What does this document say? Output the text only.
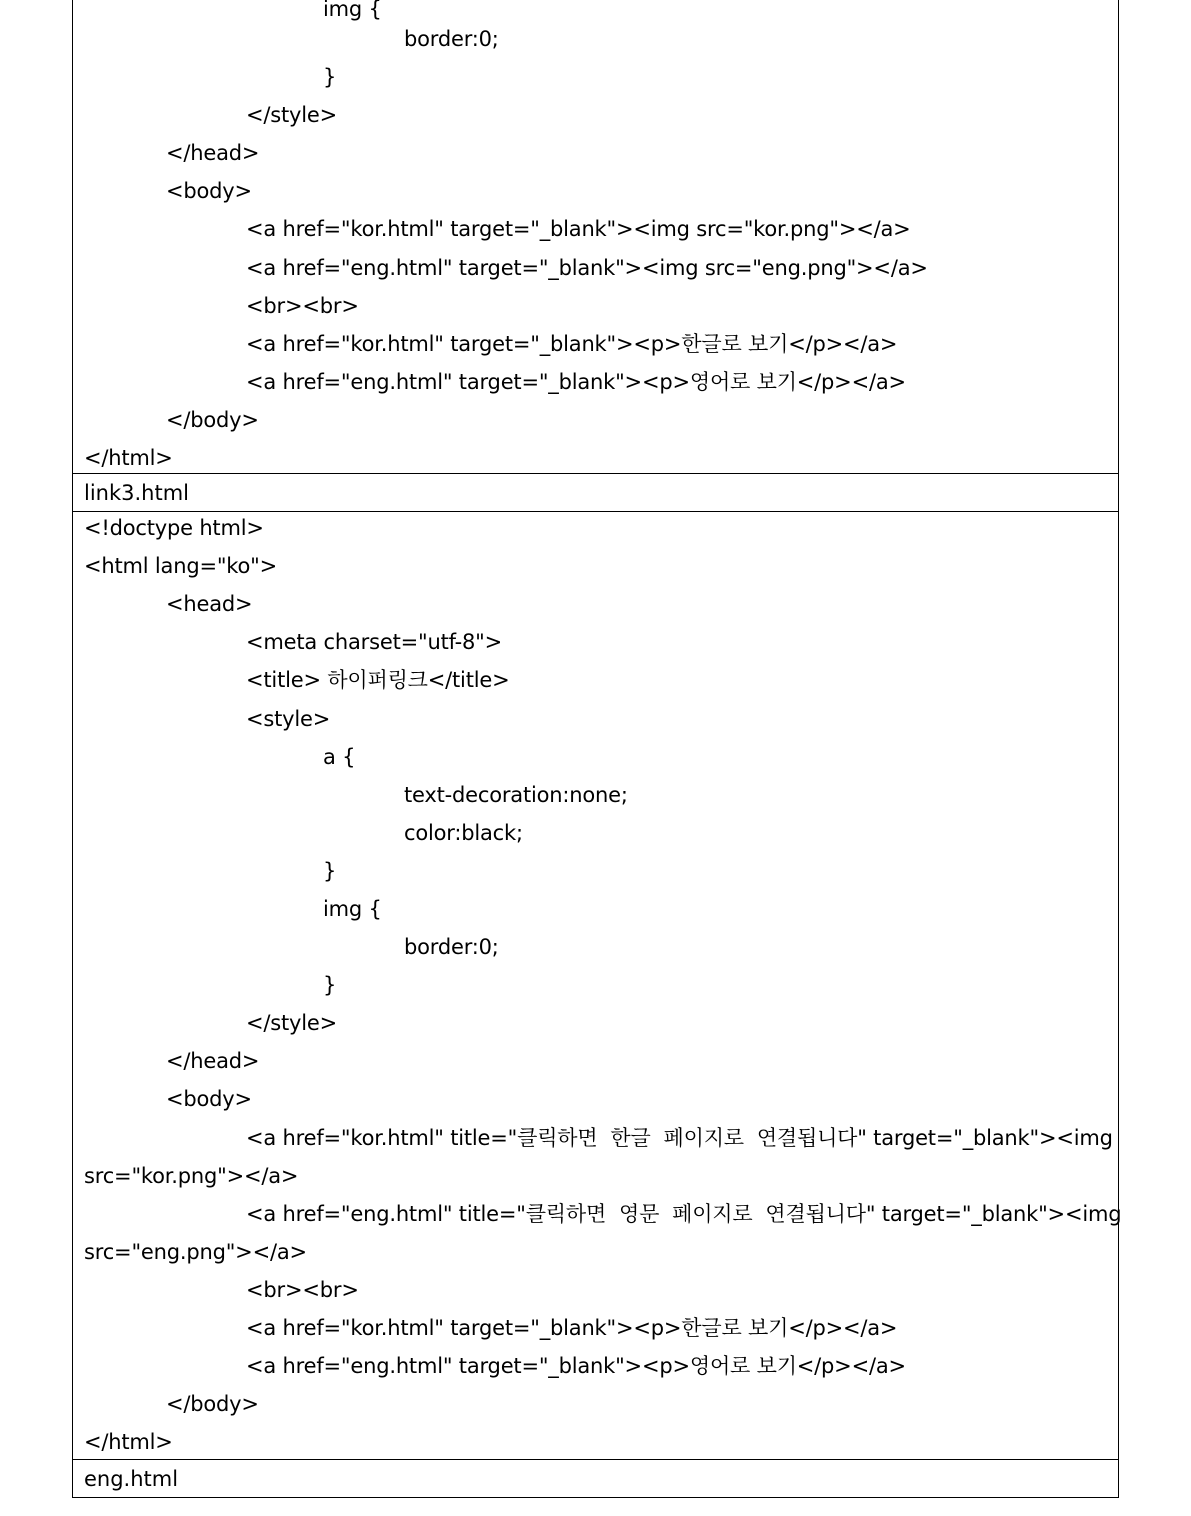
img {
border:0;
}
</style>
</head>
<body>
<a href="kor.html" target="_blank"><img src="kor.png"></a>
<a href="eng.html" target="_blank"><img src="eng.png"></a>
<br><br>
<a href="kor.html" target="_blank"><p>한글로 보기</p></a>
<a href="eng.html" target="_blank"><p>영어로 보기</p></a>
</body>
</html>
link3.html
<!doctype html>
<html lang="ko">
<head>
<meta charset="utf-8">
<title> 하이퍼링크</title>
<style>
a {
text-decoration:none;
color:black;
}
img {
border:0;
}
</style>
</head>
<body>
<a href="kor.html" title="클릭하면  한글  페이지로  연결됩니다" target="_blank"><img
src="kor.png"></a>
<a href="eng.html" title="클릭하면  영문  페이지로  연결됩니다" target="_blank"><img
src="eng.png"></a>
<br><br>
<a href="kor.html" target="_blank"><p>한글로 보기</p></a>
<a href="eng.html" target="_blank"><p>영어로 보기</p></a>
</body>
</html>
eng.html
